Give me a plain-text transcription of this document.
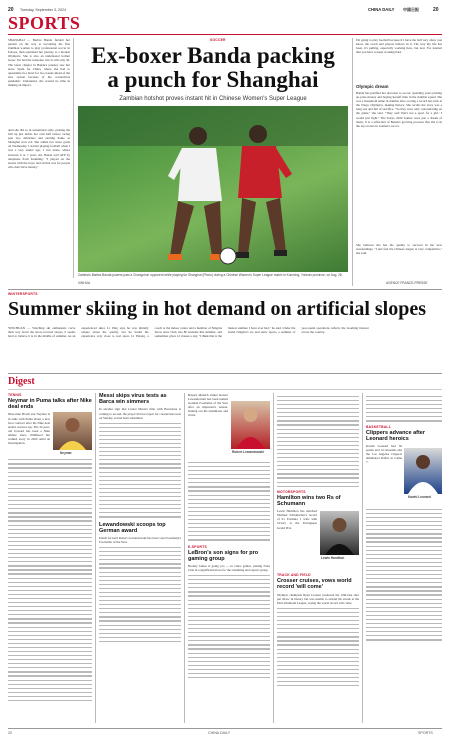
20 Tuesday, September 3, 2024	CHINA DAILY 中国日报	20
SPORTS
SHANGHAI — Barbra Banda fielded her pursuit on the way to becoming the first Zambian woman to play professional soccer in Europe, then explained her journey to a modest Olympics. She is also an undefeated former boxer. Yet had the nonsense win is still only 30. The latest chapter in Banda's journey saw her leave Spain for China, where she had to quarantine in a hotel for two weeks ahead of the new season because of the coronavirus pandemic. Undaunted, she wasted no time in making an impact.
And she did so in sensational style, picking the ball up just inside her own half before racing past two defenders and slotting home as Shanghai won 2-0. She added two more goals on Wednesday. I started playing football when I was a very tender age, I was alone, where between 6 or 7 years old. Banda told AFP by telephone from Kunming. "I played on the streets with the boys, and all that was for people who don't have money."
SOCCER
Ex-boxer Banda packing
a punch for Shanghai
Zambian hotshot proves instant hit in Chinese Women's Super League
Zambia's Barbra Banda powers past a Changchun opponent while playing for Shanghai (Photo) during a Chinese Women's Super League match in Kunming, Yunnan province, on Aug. 28.
XINHUA
I'm going to play football because if I have the ball very often, you know, the coach and players believe in it. The way my life has been, it's pulling, especially working here, but now I've learned that you have to keep working hard.
Olympic dream
Banda has justified her devotion to soccer, spending years picking up prize money and buying herself time in the Zambia squad. She was a household name in Zambia after scoring a record hat-trick at the Tokyo Olympics, making history. She recalls her story was a long one and full of sacrifice. "So they were only concentrating on the game," she said. "They said 'that's not a sport for a girl.' I would just fight." The Tokyo 2020 Games were just a dream of many. It is a reflection of Banda's growing prowess that she is in the top scorers in women's soccer.
She believes she has the quality to succeed in her new surroundings. "I just feel the Chinese league is very competitive," she said.
AGENCE FRANCE-PRESSE
WINTERSPORTS
Summer skiing in hot demand on artificial slopes
YINCHUAN — Watching ski enthusiasts carve their way down the snow-covered slopes, it seems hard to believe it is in the middle of summer. As an experienced skier, Li Ping says he was initially unsure about the quality, but he found the experience very close to real snow. Li Yulong, a coach at the indoor center and a member of Ningxia Snow Area Club, has 80 students this summer, and sometimes gives 12 classes a day. "I think that is the busiest summer I have ever had," he said. Under the brand Ningxia's ice and snow sports, a summer of year-round operations reflects the booming interest across the country.
Digest
TENNIS
Neymar in Puma talks after Nike deal ends
Nine-time Brazil star Neymar is in talks with Puma about a new boot contract after his Nike deal ended, sources say. The 32-year-old forward has been a Nike athlete since childhood but walked away in 2020 amid an investigation.
Neymar
Messi skips virus tests as Barca win simmers
In another sign that Lionel Messi's time with Barcelona is coming to an end, the player did not report for coronavirus tests on Sunday, as had been scheduled.
Lewandowski scoops top German award
Polish forward Robert Lewandowski has been voted Germany's Footballer of the Year.
Bayern Munich striker Robert Lewandowski has been named German Footballer of the Year after an impressive season, beating out his teammates and rivals.
Robert Lewandowski
E-SPORTS
LeBron's son signs for pro gaming group
Bronny James is going pro — in video games, joining FaZe Clan in a significant move for the streaming and esports group.
MOTORSPORTS
Hamilton wins two Rs of Schumann
Lewis Hamilton has matched Michael Schumacher's record of 91 Formula 1 wins with victory at the Portuguese Grand Prix.
Lewis Hamilton
TRACK AND FIELD
Crosser cruises, vows world record 'will come'
Olympic champion Ryan Crouser produced the 10th-best shot put throw in history but was unable to extend his streak at the Paris Diamond League, saying the world record will come.
BASKETBALL
Clippers advance after Leonard heroics
Kawhi Leonard had 36 points and 14 rebounds and the Los Angeles Clippers eliminated Dallas in Game 7.
Kawhi Leonard
20	CHINA DAILY	SPORTS
